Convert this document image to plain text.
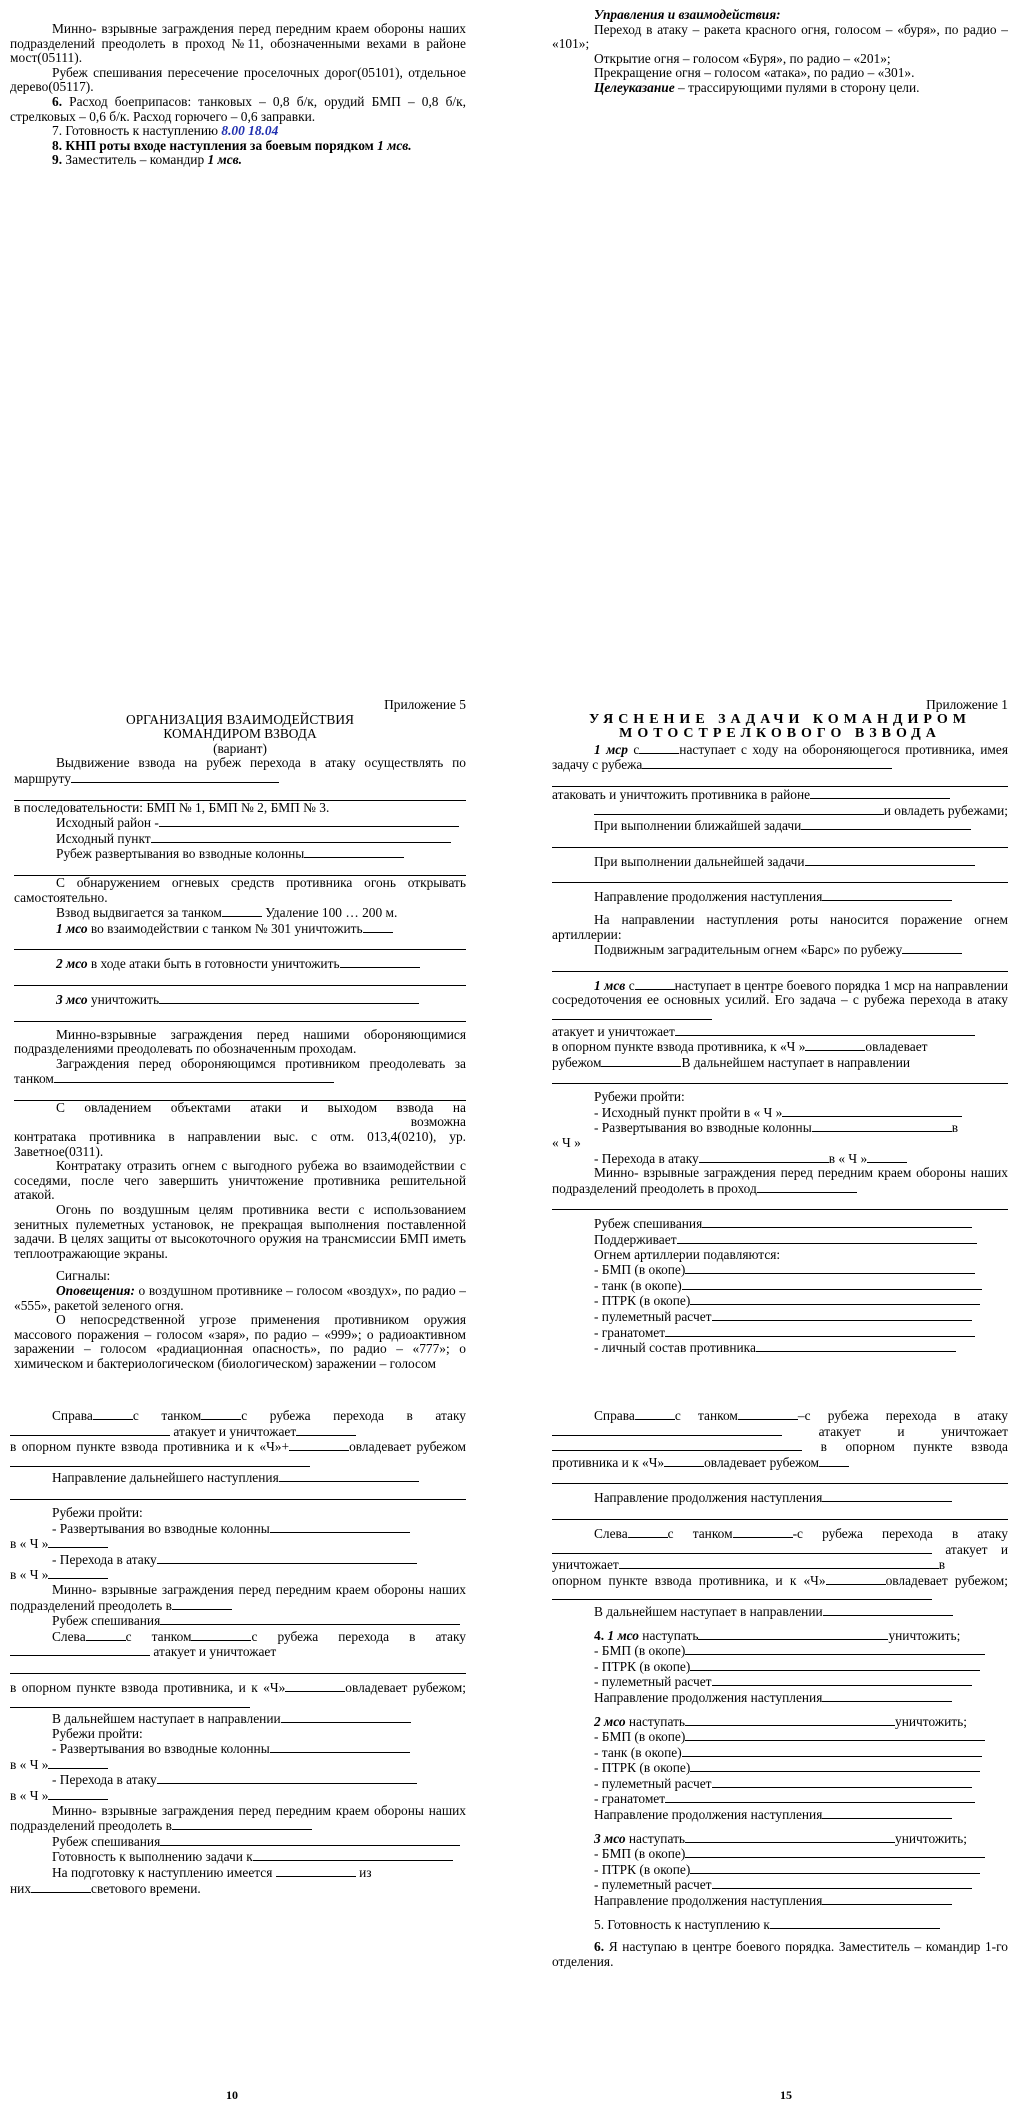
Минно- взрывные заграждения перед передним краем обороны наших подразделений преодолеть в проход №11, обозначенными вехами в районе мост(05111).

Рубеж спешивания пересечение проселочных дорог(05101), отдельное дерево(05117).

6. Расход боеприпасов: танковых – 0,8 б/к, орудий БМП – 0,8 б/к, стрелковых – 0,6 б/к. Расход горючего – 0,6 заправки.

7. Готовность к наступлению 8.00 18.04

8. КНП роты входе наступления за боевым порядком 1 мсв.

9. Заместитель – командир 1 мсв.

Управления и взаимодействия:

Переход в атаку – ракета красного огня, голосом – «буря», по радио – «101»;

Открытие огня – голосом «Буря», по радио – «201»;

Прекращение огня – голосом «атака», по радио – «301».

Целеуказание – трассирующими пулями в сторону цели.

Приложение 5

ОРГАНИЗАЦИЯ ВЗАИМОДЕЙСТВИЯ

КОМАНДИРОМ ВЗВОДА

(вариант)

Выдвижение взвода на рубеж перехода в атаку осуществлять по маршруту

в последовательности: БМП № 1, БМП № 2, БМП № 3.

Исходный район -

Исходный пункт

Рубеж развертывания во взводные колонны

С обнаружением огневых средств противника огонь открывать самостоятельно.

Взвод выдвигается за танком	Удаление 100 … 200 м.

1 мсо во взаимодействии с танком № 301 уничтожить

2 мсо в ходе атаки быть в готовности уничтожить

3 мсо уничтожить

Минно-взрывные заграждения перед нашими обороняющимися подразделениями преодолевать по обозначенным проходам.

Заграждения перед обороняющимся противником преодолевать за танком

С овладением объектами атаки и выходом взвода на

возможна

контратака противника в направлении выс. с отм. 013,4(0210), ур. Заветное(0311).

Контратаку отразить огнем с выгодного рубежа во взаимодействии с соседями, после чего завершить уничтожение противника решительной атакой.

Огонь по воздушным целям противника вести с использованием зенитных пулеметных установок, не прекращая выполнения поставленной задачи. В целях защиты от высокоточного оружия на трансмиссии БМП иметь теплоотражающие экраны.

Сигналы:

Оповещения: о воздушном противнике – голосом «воздух», по радио – «555», ракетой зеленого огня.

О непосредственной угрозе применения противником оружия массового поражения – голосом «заря», по радио – «999»; о радиоактивном заражении – голосом «радиационная опасность», по радио – «777»; о химическом и бактериологическом (биологическом) заражении – голосом

Приложение 1

УЯСНЕНИЕ ЗАДАЧИ КОМАНДИРОМ

МОТОСТРЕЛКОВОГО ВЗВОДА

1 мср с	наступает с ходу на обороняющегося противника, имея задачу с рубежа

атаковать и уничтожить противника в районе

и овладеть рубежами;

При выполнении ближайшей задачи

При выполнении дальнейшей задачи

Направление продолжения наступления

На направлении наступления роты наносится поражение огнем артиллерии:

Подвижным заградительным огнем «Барс» по рубежу

1 мсв с	наступает в центре боевого порядка 1 мср на направлении сосредоточения ее основных усилий. Его задача – с рубежа перехода в атаку

атакует и уничтожает

в опорном пункте взвода противника, к «Ч »	овладевает

рубежом	В дальнейшем наступает в направлении

Рубежи пройти:

- Исходный пункт пройти в « Ч »

- Развертывания во взводные колонны	в

« Ч »

- Перехода в атаку	в « Ч »

Минно- взрывные заграждения перед передним краем обороны наших подразделений преодолеть в проход

Рубеж спешивания

Поддерживает

Огнем артиллерии подавляются:

- БМП (в окопе)

- танк (в окопе)

- ПТРК (в окопе)

- пулеметный расчет

- гранатомет

- личный состав противника

Справа	с танком	с рубежа перехода в атаку  атакует и уничтожает

в опорном пункте взвода противника и к «Ч»+	овладевает рубежом

Направление дальнейшего наступления

Рубежи пройти:

- Развертывания во взводные колонны

в « Ч »

- Перехода в атаку

в « Ч »

Минно- взрывные заграждения перед передним краем обороны наших подразделений преодолеть в

Рубеж спешивания

Слева	с танком	с рубежа перехода в атаку  атакует и уничтожает

в опорном пункте взвода противника, и к «Ч»	овладевает рубежом;

В дальнейшем наступает в направлении

Рубежи пройти:

- Развертывания во взводные колонны

в « Ч »

- Перехода в атаку

в « Ч »

Минно- взрывные заграждения перед передним краем обороны наших подразделений преодолеть в

Рубеж спешивания

Готовность к выполнению задачи к

На подготовку к наступлению имеется	из

них	светового времени.

10

Справа	с танком	–с рубежа перехода в атаку  атакует и уничтожает  в опорном пункте взвода противника и к «Ч»	овладевает рубежом

Направление продолжения наступления

Слева	с танком	-с рубежа перехода в атаку  атакует и уничтожает	в

опорном пункте взвода противника, и к «Ч»	овладевает рубежом;

В дальнейшем наступает в направлении

4. 1 мсо наступать	уничтожить;

- БМП (в окопе)

- ПТРК (в окопе)

- пулеметный расчет

Направление продолжения наступления

2 мсо наступать	уничтожить;

- БМП (в окопе)

- танк (в окопе)

- ПТРК (в окопе)

- пулеметный расчет

- гранатомет

Направление продолжения наступления

3 мсо наступать	уничтожить;

- БМП (в окопе)

- ПТРК (в окопе)

- пулеметный расчет

Направление продолжения наступления

5. Готовность к наступлению к

6. Я наступаю в центре боевого порядка. Заместитель – командир 1-го отделения.

15
